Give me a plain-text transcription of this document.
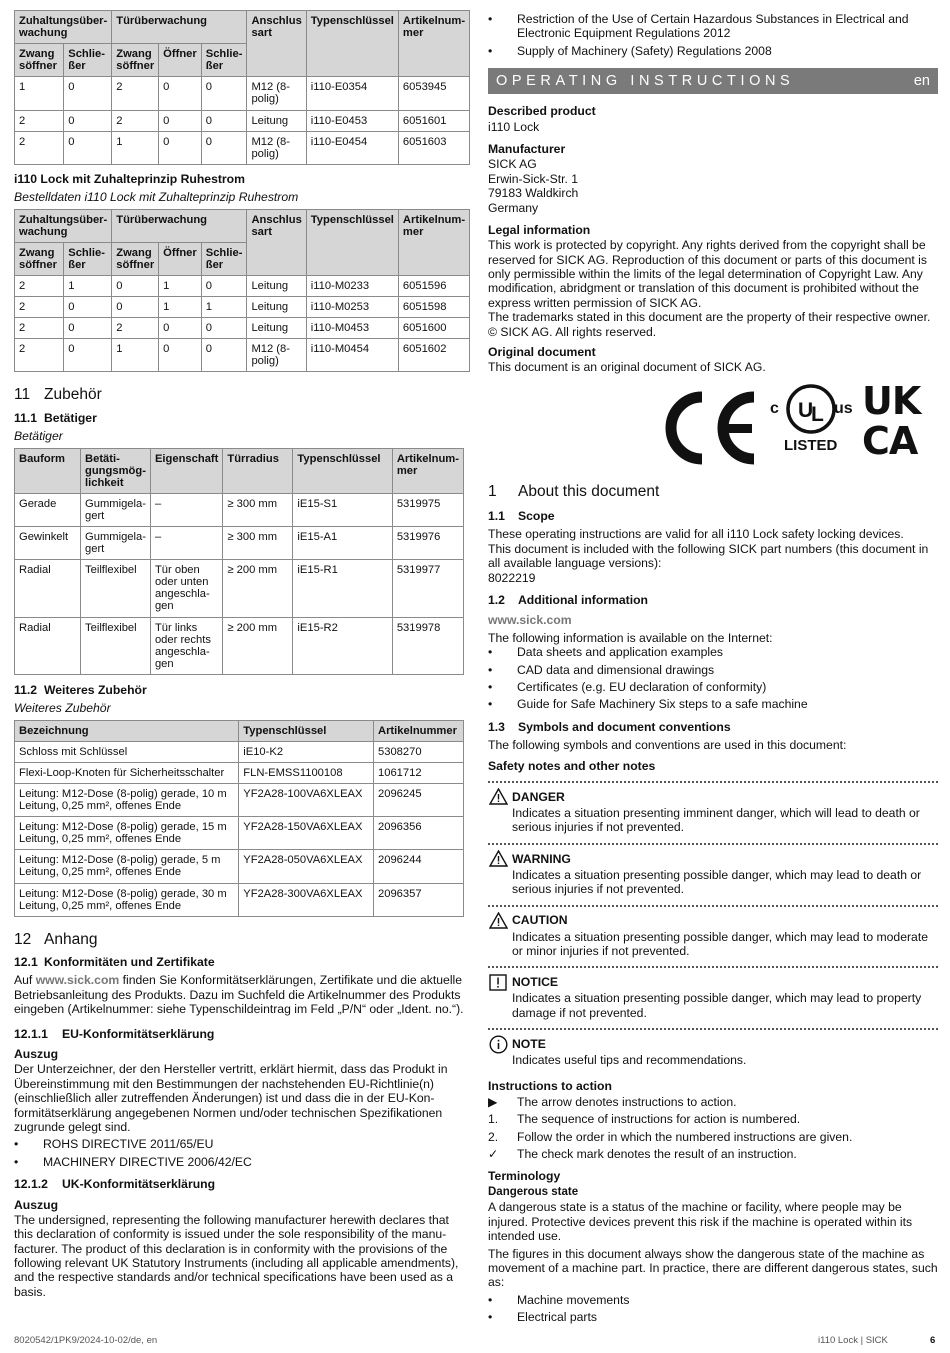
Zuhaltungsüberwachung		Türüberwachung			Anschlus sart	Typenschlüssel	Artikelnummer
Zwang söffner	Schließer	Zwang söffner	Öffner	Schließer			
1	0	2	0	0	M12 (8-polig)	i110-E0354	6053945
2	0	2	0	0	Leitung	i110-E0453	6051601
2	0	1	0	0	M12 (8-polig)	i110-E0454	6051603
i110 Lock mit Zuhalteprinzip Ruhestrom
Bestelldaten i110 Lock mit Zuhalteprinzip Ruhestrom
Zuhaltungsüberwachung		Türüberwachung			Anschlus sart	Typenschlüssel	Artikelnummer
Zwang söffner	Schließer	Zwang söffner	Öffner	Schließer			
2	1	0	1	0	Leitung	i110-M0233	6051596
2	0	0	1	1	Leitung	i110-M0253	6051598
2	0	2	0	0	Leitung	i110-M0453	6051600
2	0	1	0	0	M12 (8-polig)	i110-M0454	6051602
11 Zubehör
11.1 Betätiger
Betätiger
Bauform	Betätigungsmöglichkeit	Eigenschaft	Türradius	Typenschlüssel	Artikelnummer
Gerade	Gummigelagert	–	≥ 300 mm	iE15-S1	5319975
Gewinkelt	Gummigelagert	–	≥ 300 mm	iE15-A1	5319976
Radial	Teilflexibel	Tür oben oder unten angeschlagen	≥ 200 mm	iE15-R1	5319977
Radial	Teilflexibel	Tür links oder rechts angeschlagen	≥ 200 mm	iE15-R2	5319978
11.2 Weiteres Zubehör
Weiteres Zubehör
Bezeichnung	Typenschlüssel	Artikelnummer
Schloss mit Schlüssel	iE10-K2	5308270
Flexi-Loop-Knoten für Sicherheitsschalter	FLN-EMSS1100108	1061712
Leitung: M12-Dose (8-polig) gerade, 10 m Leitung, 0,25 mm², offenes Ende	YF2A28-100VA6XLEAX	2096245
Leitung: M12-Dose (8-polig) gerade, 15 m Leitung, 0,25 mm², offenes Ende	YF2A28-150VA6XLEAX	2096356
Leitung: M12-Dose (8-polig) gerade, 5 m Leitung, 0,25 mm², offenes Ende	YF2A28-050VA6XLEAX	2096244
Leitung: M12-Dose (8-polig) gerade, 30 m Leitung, 0,25 mm², offenes Ende	YF2A28-300VA6XLEAX	2096357
12 Anhang
12.1 Konformitäten und Zertifikate

Auf www.sick.com finden Sie Konformitätserklärungen, Zertifikate und die aktuelle Betriebsanleitung des Produkts. Dazu im Suchfeld die Artikelnummer des Produkts eingeben (Artikelnummer: siehe Typenschildeintrag im Feld „P/N“ oder „Ident. no.“).

12.1.1 EU-Konformitätserklärung
Auszug

Der Unterzeichner, der den Hersteller vertritt, erklärt hiermit, dass das Produkt in Übereinstimmung mit den Bestimmungen der nachstehenden EU-Richtlinie(n) (einschließlich aller zutreffenden Änderungen) ist und dass die in der EU-Konformitätserklärung angegebenen Normen und/oder technischen Spezifikationen zugrunde gelegt sind.

• ROHS DIRECTIVE 2011/65/EU
• MACHINERY DIRECTIVE 2006/42/EC
12.1.2 UK-Konformitätserklärung
Auszug

The undersigned, representing the following manufacturer herewith declares that this declaration of conformity is issued under the sole responsibility of the manufacturer. The product of this declaration is in conformity with the provisions of the following relevant UK Statutory Instruments (including all applicable amendments), and the respective standards and/or technical specifications have been used as a basis.

• Restriction of the Use of Certain Hazardous Substances in Electrical and Electronic Equipment Regulations 2012
• Supply of Machinery (Safety) Regulations 2008
OPERATING INSTRUCTIONS	en
Described product

i110 Lock

Manufacturer
SICK AG
Erwin-Sick-Str. 1
79183 Waldkirch
Germany
Legal information

This work is protected by copyright. Any rights derived from the copyright shall be reserved for SICK AG. Reproduction of this document or parts of this document is only permissible within the limits of the legal determination of Copyright Law. Any modification, abridgment or translation of this document is prohibited without the express written permission of SICK AG.

The trademarks stated in this document are the property of their respective owner.

© SICK AG. All rights reserved.

Original document

This document is an original document of SICK AG.

U
L
c	us
LISTED
UK
CA
1 About this document
1.1 Scope

These operating instructions are valid for all i110 Lock safety locking devices.

This document is included with the following SICK part numbers (this document in all available language versions):

8022219

1.2 Additional information

www.sick.com

The following information is available on the Internet:

• Data sheets and application examples
• CAD data and dimensional drawings
• Certificates (e.g. EU declaration of conformity)
• Guide for Safe Machinery Six steps to a safe machine
1.3 Symbols and document conventions

The following symbols and conventions are used in this document:

Safety notes and other notes
DANGER
Indicates a situation presenting imminent danger, which will lead to death or serious injuries if not prevented.
WARNING
Indicates a situation presenting possible danger, which may lead to death or serious injuries if not prevented.
CAUTION
Indicates a situation presenting possible danger, which may lead to moderate or minor injuries if not prevented.
NOTICE
Indicates a situation presenting possible danger, which may lead to property damage if not prevented.
NOTE
Indicates useful tips and recommendations.
Instructions to action
▶ The arrow denotes instructions to action.
1. The sequence of instructions for action is numbered.
2. Follow the order in which the numbered instructions are given.
✓ The check mark denotes the result of an instruction.
Terminology
Dangerous state

A dangerous state is a status of the machine or facility, where people may be injured. Protective devices prevent this risk if the machine is operated within its intended use.

The figures in this document always show the dangerous state of the machine as movement of a machine part. In practice, there are different dangerous states, such as:

• Machine movements
• Electrical parts
8020542/1PK9/2024-10-02/de, en	i110 Lock | SICK	6
